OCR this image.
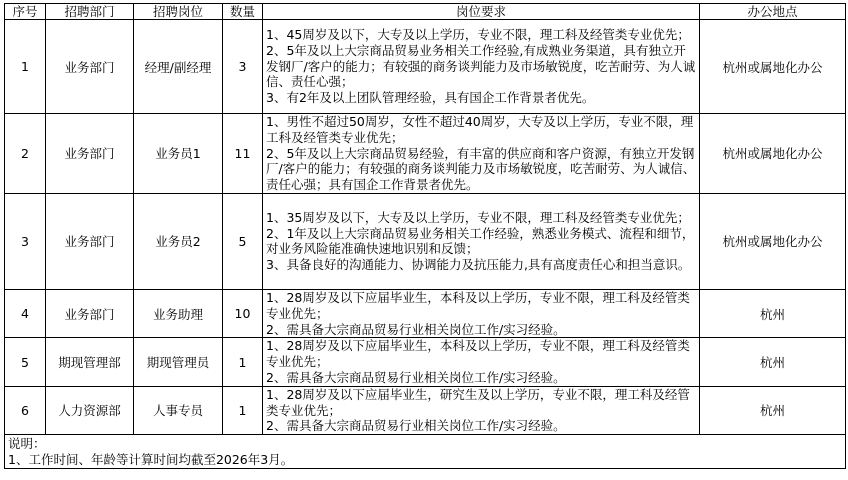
序号	招聘部门	招聘岗位	数量	岗位要求	办公地点
1	业务部门	经理/副经理	3	1、45周岁及以下，大专及以上学历，专业不限，理工科及经管类专业优先；
2、5年及以上大宗商品贸易业务相关工作经验,有成熟业务渠道，具有独立开发钢厂/客户的能力；有较强的商务谈判能力及市场敏锐度，吃苦耐劳、为人诚信、责任心强；
3、有2年及以上团队管理经验，具有国企工作背景者优先。	杭州或属地化办公
2	业务部门	业务员1	11	1、男性不超过50周岁，女性不超过40周岁，大专及以上学历，专业不限，理工科及经管类专业优先；
2、5年及以上大宗商品贸易经验，有丰富的供应商和客户资源，有独立开发钢厂/客户的能力；有较强的商务谈判能力及市场敏锐度，吃苦耐劳、为人诚信、责任心强；具有国企工作背景者优先。	杭州或属地化办公
3	业务部门	业务员2	5	1、35周岁及以下，大专及以上学历，专业不限，理工科及经管类专业优先；
2、1年及以上大宗商品贸易业务相关工作经验，熟悉业务模式、流程和细节，对业务风险能准确快速地识别和反馈；
3、具备良好的沟通能力、协调能力及抗压能力,具有高度责任心和担当意识。	杭州或属地化办公
4	业务部门	业务助理	10	1、28周岁及以下应届毕业生，本科及以上学历，专业不限，理工科及经管类专业优先；
2、需具备大宗商品贸易行业相关岗位工作/实习经验。	杭州
5	期现管理部	期现管理员	1	1、28周岁及以下应届毕业生，本科及以上学历，专业不限，理工科及经管类专业优先；
2、需具备大宗商品贸易行业相关岗位工作/实习经验。	杭州
6	人力资源部	人事专员	1	1、28周岁及以下应届毕业生，研究生及以上学历，专业不限，理工科及经管类专业优先；
2、需具备大宗商品贸易行业相关岗位工作/实习经验。	杭州

说明：
1、工作时间、年龄等计算时间均截至2026年3月。					
